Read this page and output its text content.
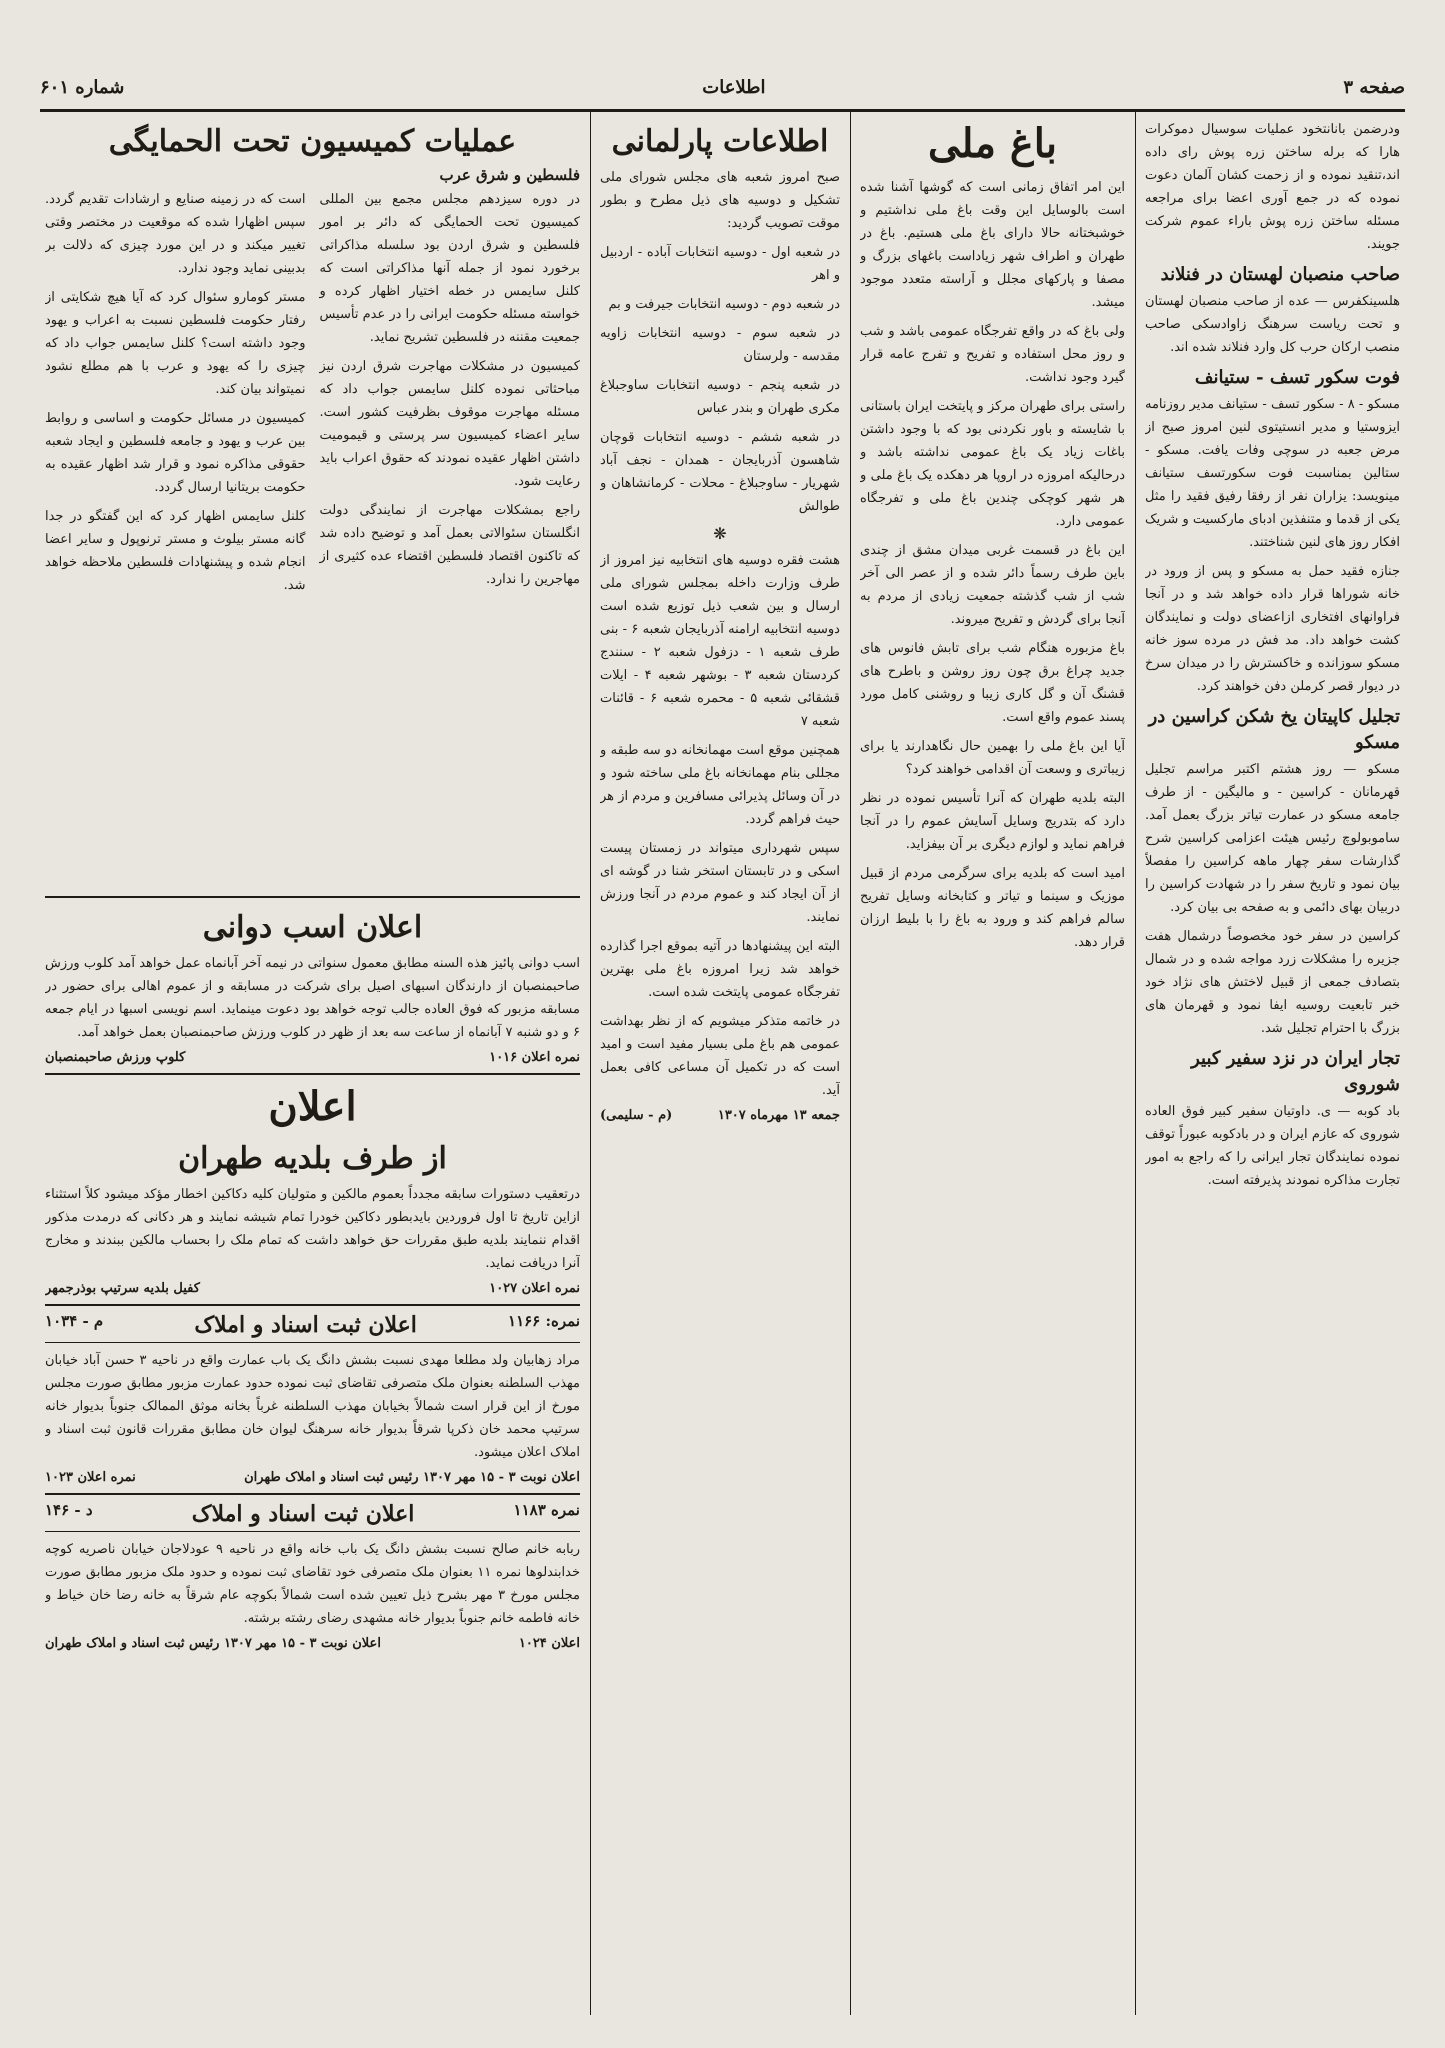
صفحه ۳
اطلاعات
شماره ۶۰۱

ودرضمن بانانتخود عملیات سوسیال دموکرات هارا که برله ساختن زره پوش رای داده اند،تنقید نموده و از زحمت کشان آلمان دعوت نموده که در جمع آوری اعضا برای مراجعه مسئله ساختن زره پوش باراء عموم شرکت جویند.

صاحب منصبان لهستان در فنلاند

هلسینکفرس — عده از صاحب منصبان لهستان و تحت ریاست سرهنگ زاوادسکی صاحب منصب ارکان حرب کل وارد فنلاند شده اند.

فوت سکور تسف - ستیانف

مسکو - ۸ - سکور تسف - ستیانف مدیر روزنامه ایزوستیا و مدیر انستیتوی لنین امروز صبح از مرض جعبه در سوچی وفات یافت. مسکو - ستالین بمناسبت فوت سکورتسف ستیانف مینویسد: یزاران نفر از رفقا رفیق فقید را مثل یکی از قدما و متنفذین ادبای مارکسیت و شریک افکار روز های لنین شناختند.

جنازه فقید حمل به مسکو و پس از ورود در خانه شوراها قرار داده خواهد شد و در آنجا فراوانهای افتخاری ازاعضای دولت و نمایندگان کشت خواهد داد. مد فش در مرده سوز خانه مسکو سوزانده و خاکسترش را در میدان سرخ در دیوار قصر کرملن دفن خواهند کرد.

تجلیل کاپیتان یخ شکن کراسین در مسکو

مسکو — روز هشتم اکتبر مراسم تجلیل قهرمانان - کراسین - و مالیگین - از طرف جامعه مسکو در عمارت تیاتر بزرگ بعمل آمد. ساموبولوچ رئیس هیئت اعزامی کراسین شرح گذارشات سفر چهار ماهه کراسین را مفصلاً بیان نمود و تاریخ سفر را در شهادت کراسین را دربیان بهای دائمی و به صفحه بی بیان کرد.

کراسین در سفر خود مخصوصاً درشمال هفت جزیره را مشکلات زرد مواجه شده و در شمال بتصادف جمعی از قبیل لاختش های نژاد خود خبر تابعیت روسیه ایفا نمود و قهرمان های بزرگ با احترام تجلیل شد.

تجار ایران در نزد سفیر کبیر شوروی

باد کوبه — ی. داوتیان سفیر کبیر فوق العاده شوروی که عازم ایران و در بادکوبه عبوراً توقف نموده نمایندگان تجار ایرانی را که راجع به امور تجارت مذاکره نمودند پذیرفته است.

باغ ملی

این امر اتفاق زمانی است که گوشها آشنا شده است بالوسایل این وقت باغ ملی نداشتیم و خوشبختانه حالا دارای باغ ملی هستیم. باغ در طهران و اطراف شهر زیاداست باغهای بزرگ و مصفا و پارکهای مجلل و آراسته متعدد موجود میشد.

ولی باغ که در واقع تفرجگاه عمومی باشد و شب و روز محل استفاده و تفریح و تفرج عامه قرار گیرد وجود نداشت.

راستی برای طهران مرکز و پایتخت ایران باستانی با شایسته و باور نکردنی بود که با وجود داشتن باغات زیاد یک باغ عمومی نداشته باشد و درحالیکه امروزه در اروپا هر دهکده یک باغ ملی و هر شهر کوچکی چندین باغ ملی و تفرجگاه عمومی دارد.

این باغ در قسمت غربی میدان مشق از چندی باین طرف رسماً دائر شده و از عصر الی آخر شب از شب گذشته جمعیت زیادی از مردم به آنجا برای گردش و تفریح میروند.

باغ مزبوره هنگام شب برای تابش فانوس های جدید چراغ برق چون روز روشن و باطرح های قشنگ آن و گل کاری زیبا و روشنی کامل مورد پسند عموم واقع است.

آیا این باغ ملی را بهمین حال نگاهدارند یا برای زیباتری و وسعت آن اقدامی خواهند کرد؟

البته بلدیه طهران که آنرا تأسیس نموده در نظر دارد که بتدریج وسایل آسایش عموم را در آنجا فراهم نماید و لوازم دیگری بر آن بیفزاید.

امید است که بلدیه برای سرگرمی مردم از قبیل موزیک و سینما و تیاتر و کتابخانه وسایل تفریح سالم فراهم کند و ورود به باغ را با بلیط ارزان قرار دهد.

اطلاعات پارلمانی

صبح امروز شعبه های مجلس شورای ملی تشکیل و دوسیه های ذیل مطرح و بطور موقت تصویب گردید:

در شعبه اول - دوسیه انتخابات آباده - اردبیل و اهر

در شعبه دوم - دوسیه انتخابات جیرفت و بم

در شعبه سوم - دوسیه انتخابات زاویه مقدسه - ولرستان

در شعبه پنجم - دوسیه انتخابات ساوجبلاغ مکری طهران و بندر عباس

در شعبه ششم - دوسیه انتخابات قوچان شاهسون آذربایجان - همدان - نجف آباد شهریار - ساوجبلاغ - محلات - کرمانشاهان و طوالش

❋

هشت فقره دوسیه های انتخابیه نیز امروز از طرف وزارت داخله بمجلس شورای ملی ارسال و بین شعب ذیل توزیع شده است دوسیه انتخابیه ارامنه آذربایجان شعبه ۶ - بنی طرف شعبه ۱ - دزفول شعبه ۲ - سنندج کردستان شعبه ۳ - بوشهر شعبه ۴ - ایلات قشقائی شعبه ۵ - محمره شعبه ۶ - قائنات شعبه ۷

همچنین موقع است مهمانخانه دو سه طبقه و مجللی بنام مهمانخانه باغ ملی ساخته شود و در آن وسائل پذیرائی مسافرین و مردم از هر حیث فراهم گردد.

سپس شهرداری میتواند در زمستان پیست اسکی و در تابستان استخر شنا در گوشه ای از آن ایجاد کند و عموم مردم در آنجا ورزش نمایند.

البته این پیشنهادها در آتیه بموقع اجرا گذارده خواهد شد زیرا امروزه باغ ملی بهترین تفرجگاه عمومی پایتخت شده است.

در خاتمه متذکر میشویم که از نظر بهداشت عمومی هم باغ ملی بسیار مفید است و امید است که در تکمیل آن مساعی کافی بعمل آید.

جمعه ۱۳ مهرماه ۱۳۰۷
(م - سلیمی)
عملیات کمیسیون تحت الحمایگی
فلسطین و شرق عرب

در دوره سیزدهم مجلس مجمع بین المللی کمیسیون تحت الحمایگی که دائر بر امور فلسطین و شرق اردن بود سلسله مذاکراتی برخورد نمود از جمله آنها مذاکراتی است که کلنل سایمس در خطه اختیار اظهار کرده و خواسته مسئله حکومت ایرانی را در عدم تأسیس جمعیت مقننه در فلسطین تشریح نماید.

کمیسیون در مشکلات مهاجرت شرق اردن نیز مباحثاتی نموده کلنل سایمس جواب داد که مسئله مهاجرت موقوف بظرفیت کشور است. سایر اعضاء کمیسیون سر پرستی و قیمومیت داشتن اظهار عقیده نمودند که حقوق اعراب باید رعایت شود.

راجع بمشکلات مهاجرت از نمایندگی دولت انگلستان سئوالاتی بعمل آمد و توضیح داده شد که تاکنون اقتصاد فلسطین اقتضاء عده کثیری از مهاجرین را ندارد.

است که در زمینه صنایع و ارشادات تقدیم گردد. سپس اظهارا شده که موقعیت در مختصر وقتی تغییر میکند و در این مورد چیزی که دلالت بر بدبینی نماید وجود ندارد.

مستر کومارو سئوال کرد که آیا هیچ شکایتی از رفتار حکومت فلسطین نسبت به اعراب و یهود وجود داشته است؟ کلنل سایمس جواب داد که چیزی را که یهود و عرب با هم مطلع نشود نمیتواند بیان کند.

کمیسیون در مسائل حکومت و اساسی و روابط بین عرب و یهود و جامعه فلسطین و ایجاد شعبه حقوقی مذاکره نمود و قرار شد اظهار عقیده به حکومت بریتانیا ارسال گردد.

کلنل سایمس اظهار کرد که این گفتگو در جدا گانه مستر بیلوث و مستر ترنوپول و سایر اعضا انجام شده و پیشنهادات فلسطین ملاحظه خواهد شد.

اعلان اسب دوانی

اسب دوانی پائیز هذه السنه مطابق معمول سنواتی در نیمه آخر آبانماه عمل خواهد آمد کلوب ورزش صاحبمنصبان از دارندگان اسبهای اصیل برای شرکت در مسابقه و از عموم اهالی برای حضور در مسابقه مزبور که فوق العاده جالب توجه خواهد بود دعوت مینماید. اسم نویسی اسبها در ایام جمعه ۶ و دو شنبه ۷ آبانماه از ساعت سه بعد از ظهر در کلوب ورزش صاحبمنصبان بعمل خواهد آمد.

نمره اعلان ۱۰۱۶
کلوپ ورزش صاحبمنصبان
اعلان
از طرف بلدیه طهران

درتعقیب دستورات سابقه مجدداً بعموم مالکین و متولیان کلیه دکاکین اخطار مؤکد میشود کلاً استثناء ازاین تاریخ تا اول فروردین بایدبطور دکاکین خودرا تمام شیشه نمایند و هر دکانی که درمدت مذکور اقدام ننمایند بلدیه طبق مقررات حق خواهد داشت که تمام ملک را بحساب مالکین ببندند و مخارج آنرا دریافت نماید.

نمره اعلان ۱۰۲۷
کفیل بلدیه سرتیپ بوذرجمهر
نمره: ۱۱۶۶
اعلان ثبت اسناد و املاک
م - ۱۰۳۴

مراد زهابیان ولد مطلعا مهدی نسبت بشش دانگ یک باب عمارت واقع در ناحیه ۳ حسن آباد خیابان مهذب السلطنه بعنوان ملک متصرفی تقاضای ثبت نموده حدود عمارت مزبور مطابق صورت مجلس مورخ از این قرار است شمالاً بخیابان مهذب السلطنه غرباً بخانه موثق الممالک جنوباً بدیوار خانه سرتیپ محمد خان ذکرپا شرقاً بدیوار خانه سرهنگ لیوان خان مطابق مقررات قانون ثبت اسناد و املاک اعلان میشود.

اعلان نوبت ۳ - ۱۵ مهر ۱۳۰۷ رئیس ثبت اسناد و املاک طهران
نمره اعلان ۱۰۲۳
نمره ۱۱۸۳
اعلان ثبت اسناد و املاک
د - ۱۴۶

ربابه خانم صالح نسبت بشش دانگ یک باب خانه واقع در ناحیه ۹ عودلاجان خیابان ناصریه کوچه خدابندلوها نمره ۱۱ بعنوان ملک متصرفی خود تقاضای ثبت نموده و حدود ملک مزبور مطابق صورت مجلس مورخ ۳ مهر بشرح ذیل تعیین شده است شمالاً بکوچه عام شرقاً به خانه رضا خان خیاط و خانه فاطمه خانم جنوباً بدیوار خانه مشهدی رضای رشته برشته.

اعلان ۱۰۲۴
اعلان نوبت ۳ - ۱۵ مهر ۱۳۰۷ رئیس ثبت اسناد و املاک طهران
